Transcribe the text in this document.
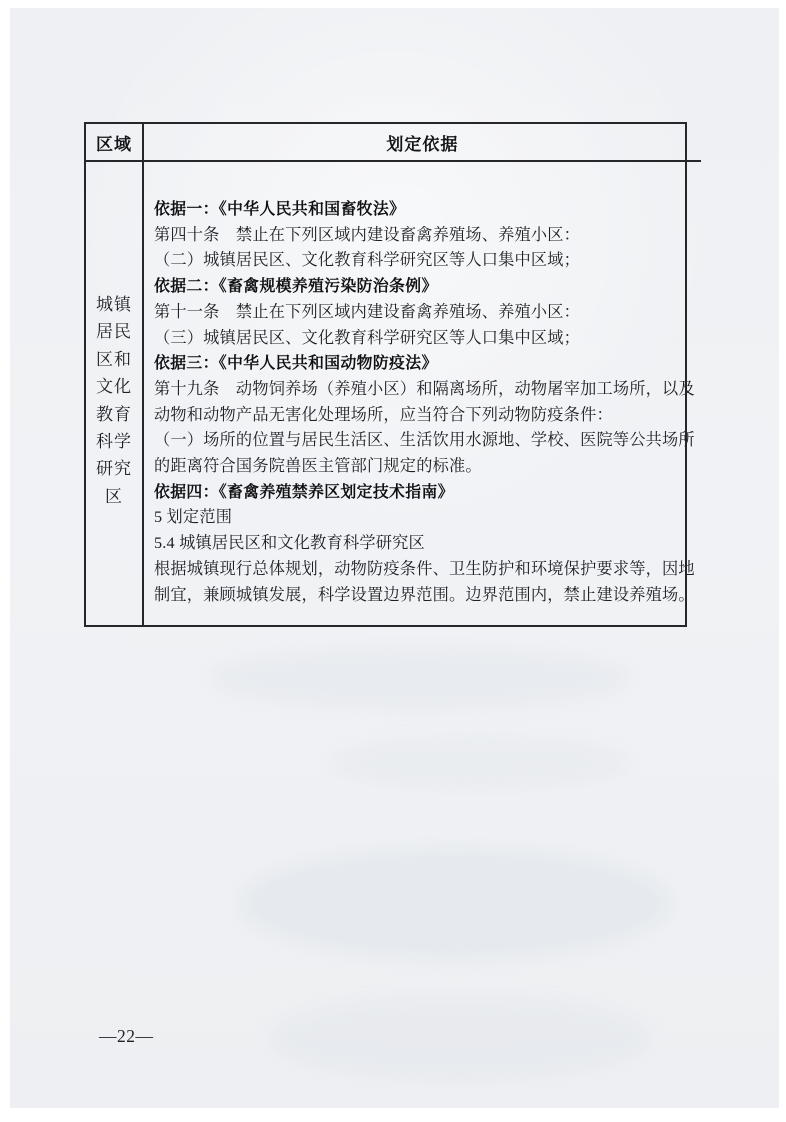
区域	划定依据
城镇
居民
区和
文化
教育
科学
研究
区
依据一：《中华人民共和国畜牧法》
第四十条　禁止在下列区域内建设畜禽养殖场、养殖小区：
（二）城镇居民区、文化教育科学研究区等人口集中区域；
依据二：《畜禽规模养殖污染防治条例》
第十一条　禁止在下列区域内建设畜禽养殖场、养殖小区：
（三）城镇居民区、文化教育科学研究区等人口集中区域；
依据三：《中华人民共和国动物防疫法》
第十九条　动物饲养场（养殖小区）和隔离场所，动物屠宰加工场所，以及
动物和动物产品无害化处理场所，应当符合下列动物防疫条件：
（一）场所的位置与居民生活区、生活饮用水源地、学校、医院等公共场所
的距离符合国务院兽医主管部门规定的标准。
依据四：《畜禽养殖禁养区划定技术指南》
5 划定范围
5.4 城镇居民区和文化教育科学研究区
根据城镇现行总体规划，动物防疫条件、卫生防护和环境保护要求等，因地
制宜，兼顾城镇发展，科学设置边界范围。边界范围内，禁止建设养殖场。
—22—
